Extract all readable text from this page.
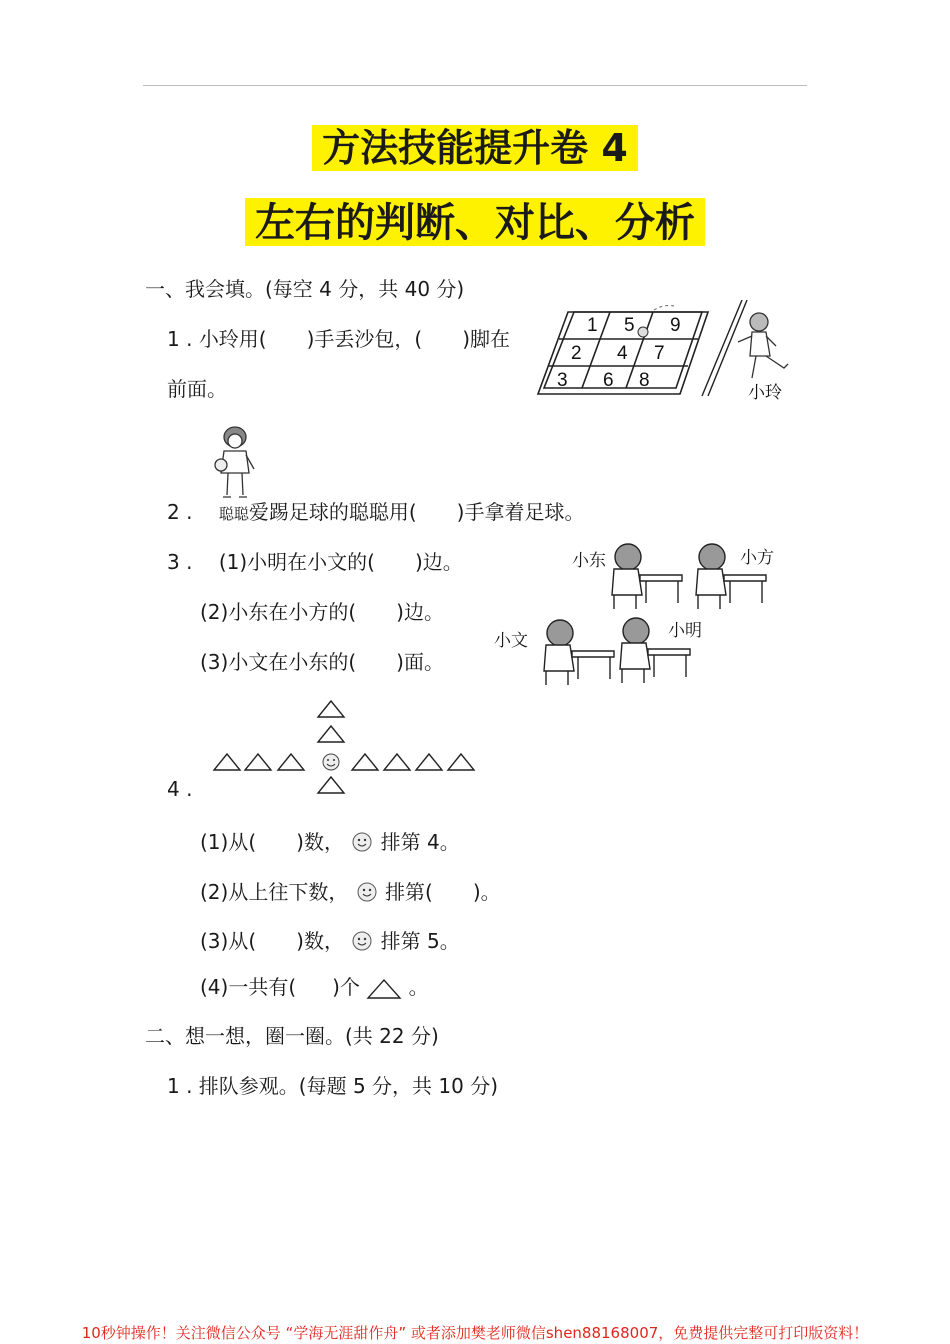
方法技能提升卷 4
左右的判断、对比、分析
一、我会填。(每空 4 分，共 40 分)
1 . 小玲用( )手丢沙包，( )脚在
前面。
1 5 9
2 4 7
3 6 8
小玲
2 . 聪聪爱踢足球的聪聪用( )手拿着足球。
3 . (1)小明在小文的( )边。
(2)小东在小方的( )边。
(3)小文在小东的( )面。
小东	小方
小文	小明
4 .
(1)从( )数， 排第 4。
(2)从上往下数， 排第( )。
(3)从( )数， 排第 5。
(4)一共有( )个 。
二、想一想，圈一圈。(共 22 分)
1 . 排队参观。(每题 5 分，共 10 分)
10秒钟操作！关注微信公众号 “学海无涯甜作舟” 或者添加樊老师微信shen88168007，免费提供完整可打印版资料！
